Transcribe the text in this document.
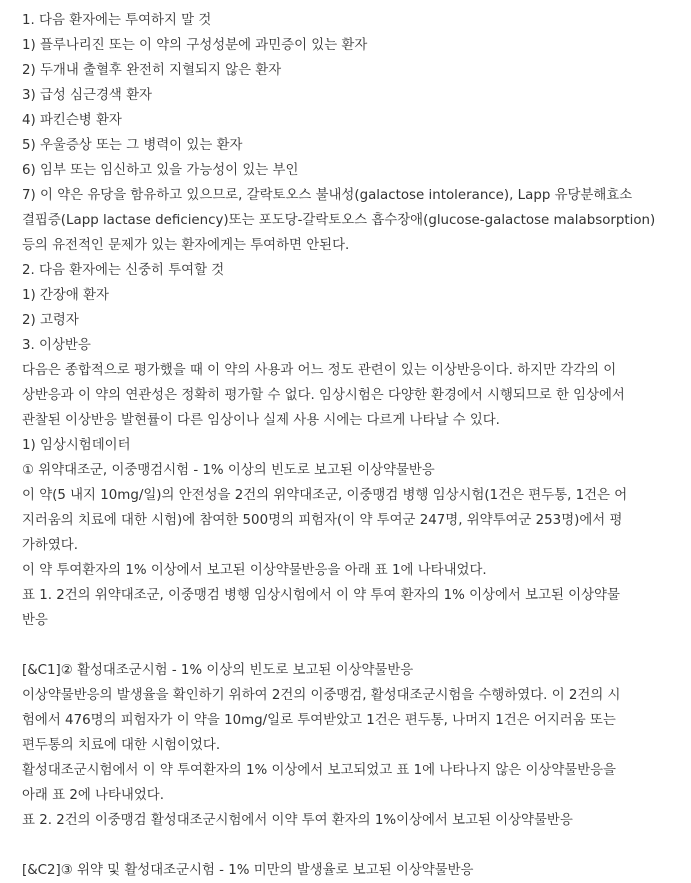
1. 다음 환자에는 투여하지 말 것
1) 플루나리진 또는 이 약의 구성성분에 과민증이 있는 환자
2) 두개내 출혈후 완전히 지혈되지 않은 환자
3) 급성 심근경색 환자
4) 파킨슨병 환자
5) 우울증상 또는 그 병력이 있는 환자
6) 임부 또는 임신하고 있을 가능성이 있는 부인
7) 이 약은 유당을 함유하고 있으므로, 갈락토오스 불내성(galactose intolerance), Lapp 유당분해효소
결핍증(Lapp lactase deficiency)또는 포도당-갈락토오스 흡수장애(glucose-galactose malabsorption)
등의 유전적인 문제가 있는 환자에게는 투여하면 안된다.
2. 다음 환자에는 신중히 투여할 것
1) 간장애 환자
2) 고령자
3. 이상반응
다음은 종합적으로 평가했을 때 이 약의 사용과 어느 정도 관련이 있는 이상반응이다. 하지만 각각의 이
상반응과 이 약의 연관성은 정확히 평가할 수 없다. 임상시험은 다양한 환경에서 시행되므로 한 임상에서
관찰된 이상반응 발현률이 다른 임상이나 실제 사용 시에는 다르게 나타날 수 있다.
1) 임상시험데이터
① 위약대조군, 이중맹검시험 - 1% 이상의 빈도로 보고된 이상약물반응
이 약(5 내지 10mg/일)의 안전성을 2건의 위약대조군, 이중맹검 병행 임상시험(1건은 편두통, 1건은 어
지러움의 치료에 대한 시험)에 참여한 500명의 피험자(이 약 투여군 247명, 위약투여군 253명)에서 평
가하였다.
이 약 투여환자의 1% 이상에서 보고된 이상약물반응을 아래 표 1에 나타내었다.
표 1. 2건의 위약대조군, 이중맹검 병행 임상시험에서 이 약 투여 환자의 1% 이상에서 보고된 이상약물
반응
[&C1]② 활성대조군시험 - 1% 이상의 빈도로 보고된 이상약물반응
이상약물반응의 발생율을 확인하기 위하여 2건의 이중맹검, 활성대조군시험을 수행하였다. 이 2건의 시
험에서 476명의 피험자가 이 약을 10mg/일로 투여받았고 1건은 편두통, 나머지 1건은 어지러움 또는
편두통의 치료에 대한 시험이었다.
활성대조군시험에서 이 약 투여환자의 1% 이상에서 보고되었고 표 1에 나타나지 않은 이상약물반응을
아래 표 2에 나타내었다.
표 2. 2건의 이중맹검 활성대조군시험에서 이약 투여 환자의 1%이상에서 보고된 이상약물반응
[&C2]③ 위약 및 활성대조군시험 - 1% 미만의 발생율로 보고된 이상약물반응
